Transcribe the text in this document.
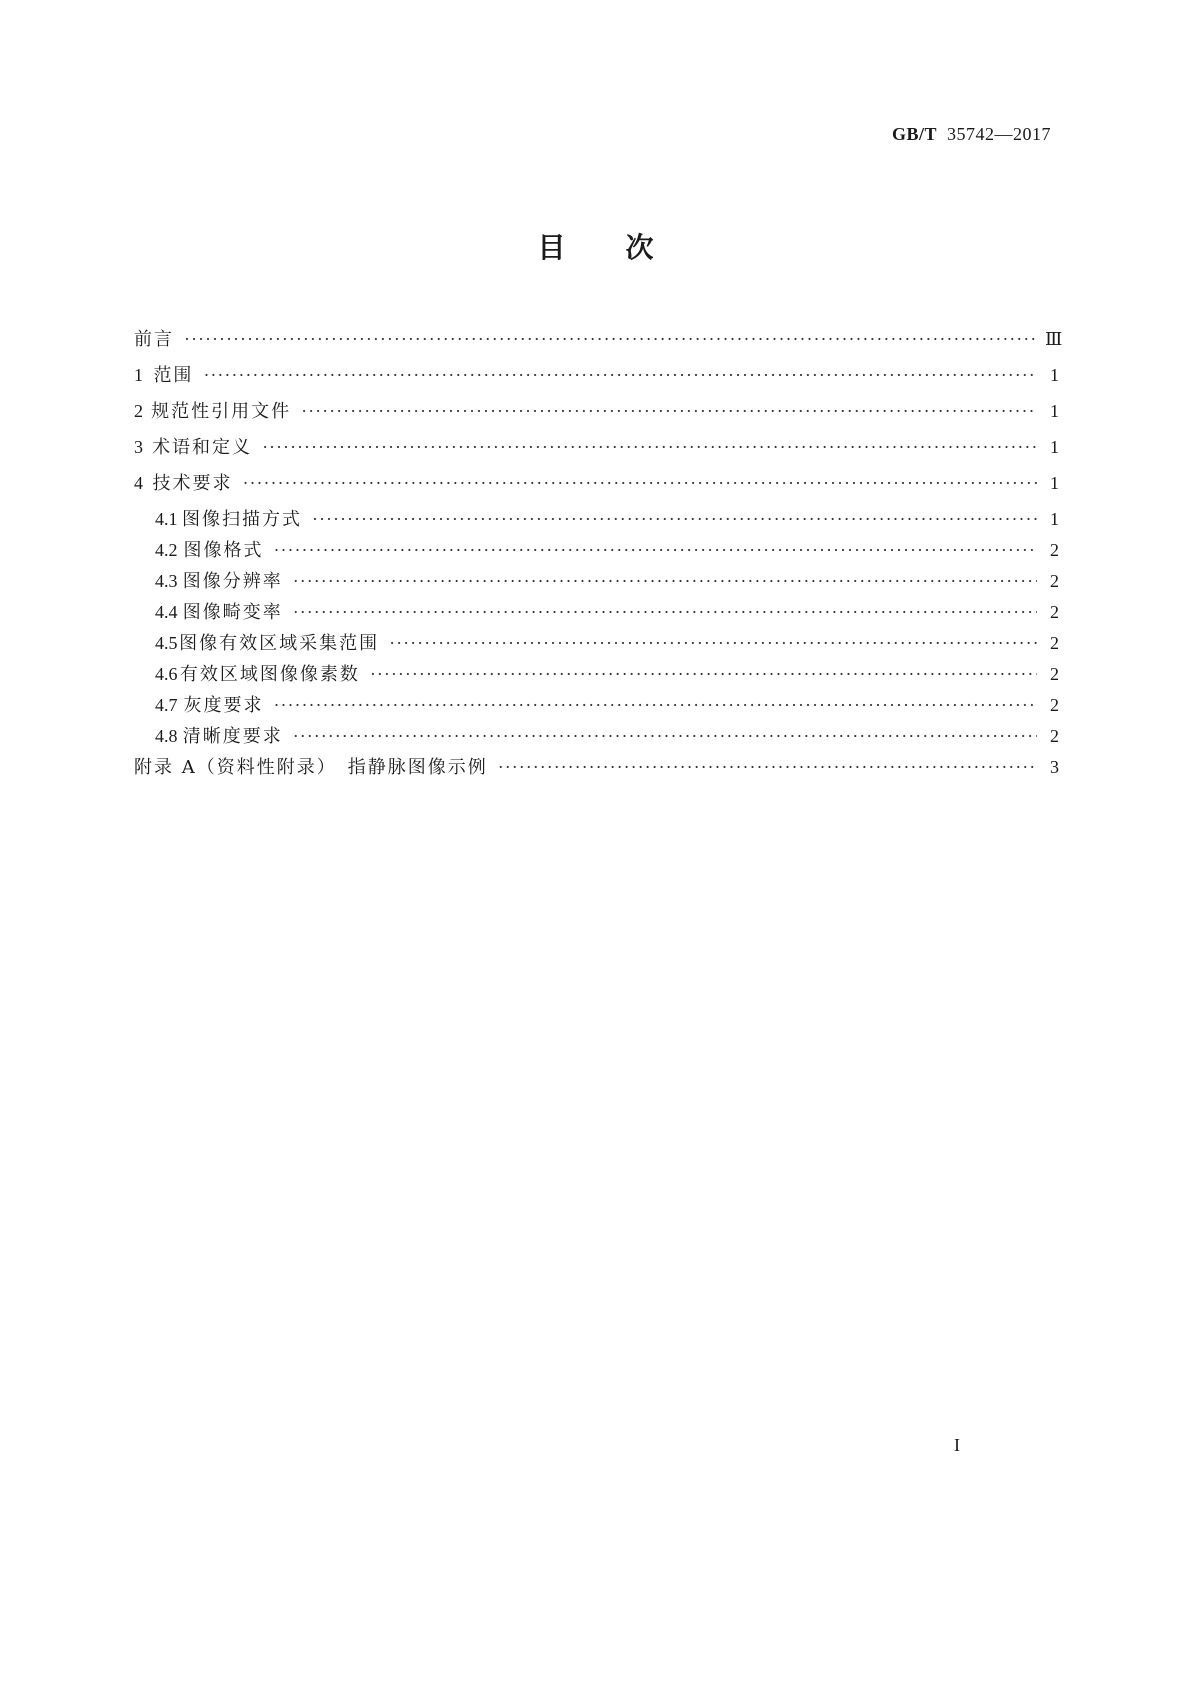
GB/T 35742—2017
目次
前言 ·····	Ⅲ
1 范围 ·····	1
2 规范性引用文件 ·····	1
3 术语和定义 ·····	1
4 技术要求 ·····	1
4.1 图像扫描方式 ·····	1
4.2 图像格式 ·····	2
4.3 图像分辨率 ·····	2
4.4 图像畸变率 ·····	2
4.5 图像有效区域采集范围 ·····	2
4.6 有效区域图像像素数 ·····	2
4.7 灰度要求 ·····	2
4.8 清晰度要求 ·····	2
附录 A（资料性附录）　指静脉图像示例 ·····	3
I
